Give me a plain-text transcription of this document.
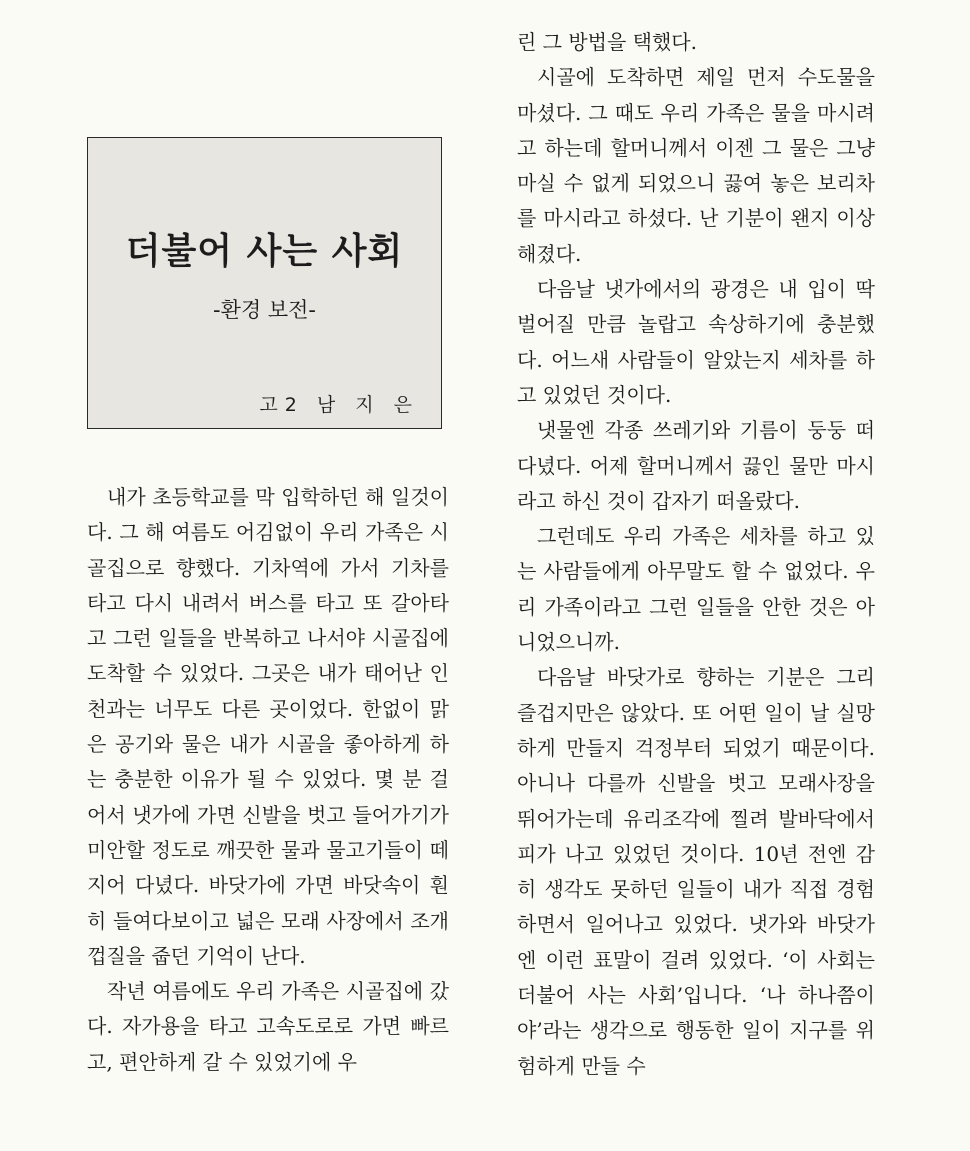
더불어 사는 사회
-환경 보전-
고2 남 지 은

내가 초등학교를 막 입학하던 해 일것이다. 그 해 여름도 어김없이 우리 가족은 시골집으로 향했다. 기차역에 가서 기차를 타고 다시 내려서 버스를 타고 또 갈아타고 그런 일들을 반복하고 나서야 시골집에 도착할 수 있었다. 그곳은 내가 태어난 인천과는 너무도 다른 곳이었다. 한없이 맑은 공기와 물은 내가 시골을 좋아하게 하는 충분한 이유가 될 수 있었다. 몇 분 걸어서 냇가에 가면 신발을 벗고 들어가기가 미안할 정도로 깨끗한 물과 물고기들이 떼지어 다녔다. 바닷가에 가면 바닷속이 훤히 들여다보이고 넓은 모래 사장에서 조개껍질을 줍던 기억이 난다.

작년 여름에도 우리 가족은 시골집에 갔다. 자가용을 타고 고속도로로 가면 빠르고, 편안하게 갈 수 있었기에 우

린 그 방법을 택했다.

시골에 도착하면 제일 먼저 수도물을 마셨다. 그 때도 우리 가족은 물을 마시려고 하는데 할머니께서 이젠 그 물은 그냥 마실 수 없게 되었으니 끓여 놓은 보리차를 마시라고 하셨다. 난 기분이 왠지 이상해졌다.

다음날 냇가에서의 광경은 내 입이 딱 벌어질 만큼 놀랍고 속상하기에 충분했다. 어느새 사람들이 알았는지 세차를 하고 있었던 것이다.

냇물엔 각종 쓰레기와 기름이 둥둥 떠다녔다. 어제 할머니께서 끓인 물만 마시라고 하신 것이 갑자기 떠올랐다.

그런데도 우리 가족은 세차를 하고 있는 사람들에게 아무말도 할 수 없었다. 우리 가족이라고 그런 일들을 안한 것은 아니었으니까.

다음날 바닷가로 향하는 기분은 그리 즐겁지만은 않았다. 또 어떤 일이 날 실망하게 만들지 걱정부터 되었기 때문이다. 아니나 다를까 신발을 벗고 모래사장을 뛰어가는데 유리조각에 찔려 발바닥에서 피가 나고 있었던 것이다. 10년 전엔 감히 생각도 못하던 일들이 내가 직접 경험하면서 일어나고 있었다. 냇가와 바닷가엔 이런 표말이 걸려 있었다. ‘이 사회는 더불어 사는 사회’입니다. ‘나 하나쯤이야’라는 생각으로 행동한 일이 지구를 위험하게 만들 수
